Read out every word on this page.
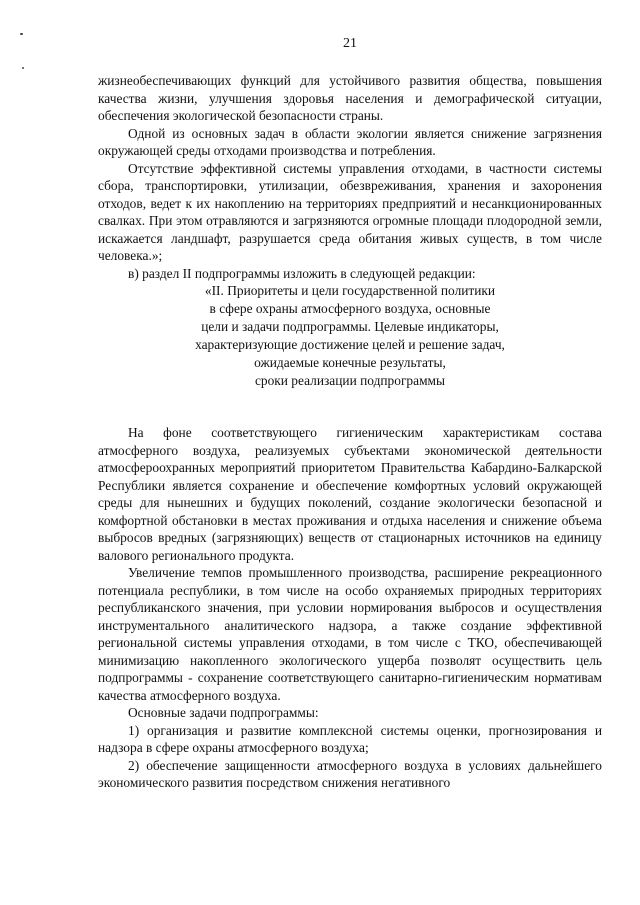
21

жизнеобеспечивающих функций для устойчивого развития общества, повышения качества жизни, улучшения здоровья населения и демографической ситуации, обеспечения экологической безопасности страны.

Одной из основных задач в области экологии является снижение загрязнения окружающей среды отходами производства и потребления.

Отсутствие эффективной системы управления отходами, в частности системы сбора, транспортировки, утилизации, обезвреживания, хранения и захоронения отходов, ведет к их накоплению на территориях предприятий и несанкционированных свалках. При этом отравляются и загрязняются огромные площади плодородной земли, искажается ландшафт, разрушается среда обитания живых существ, в том числе человека.»;

в) раздел II подпрограммы изложить в следующей редакции:

«II. Приоритеты и цели государственной политики
в сфере охраны атмосферного воздуха, основные
цели и задачи подпрограммы. Целевые индикаторы,
характеризующие достижение целей и решение задач,
ожидаемые конечные результаты,
сроки реализации подпрограммы

На фоне соответствующего гигиеническим характеристикам состава атмосферного воздуха, реализуемых субъектами экономической деятельности атмосфероохранных мероприятий приоритетом Правительства Кабардино-Балкарской Республики является сохранение и обеспечение комфортных условий окружающей среды для нынешних и будущих поколений, создание экологически безопасной и комфортной обстановки в местах проживания и отдыха населения и снижение объема выбросов вредных (загрязняющих) веществ от стационарных источников на единицу валового регионального продукта.

Увеличение темпов промышленного производства, расширение рекреационного потенциала республики, в том числе на особо охраняемых природных территориях республиканского значения, при условии нормирования выбросов и осуществления инструментального аналитического надзора, а также создание эффективной региональной системы управления отходами, в том числе с ТКО, обеспечивающей минимизацию накопленного экологического ущерба позволят осуществить цель подпрограммы - сохранение соответствующего санитарно-гигиеническим нормативам качества атмосферного воздуха.

Основные задачи подпрограммы:

1) организация и развитие комплексной системы оценки, прогнозирования и надзора в сфере охраны атмосферного воздуха;

2) обеспечение защищенности атмосферного воздуха в условиях дальнейшего экономического развития посредством снижения негативного
